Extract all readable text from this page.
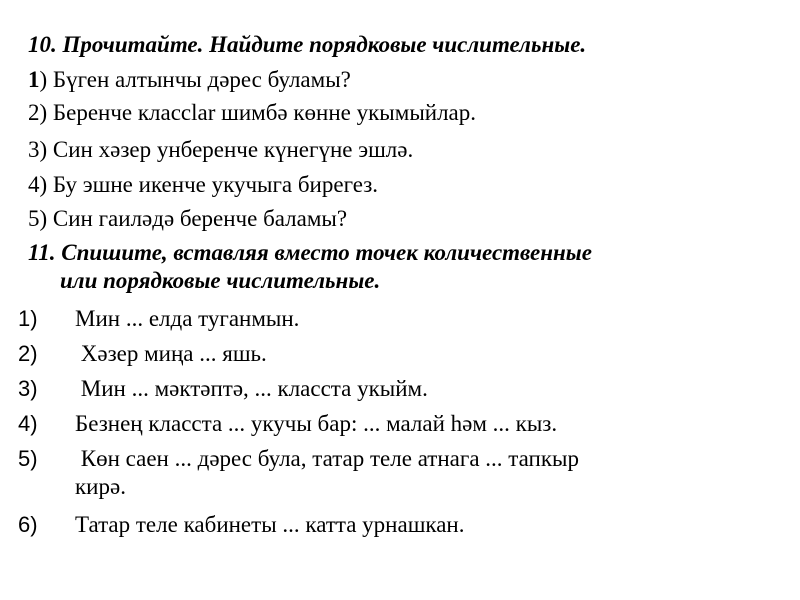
10. Прочитайте. Найдите порядковые числительные.
1) Бүген алтынчы дәрес буламы?
2) Беренче классlar шимбә көнне укымыйлар.
3) Син хәзер унберенче күнегүне эшлә.
4) Бу эшне икенче укучыга бирегез.
5) Син гаиләдә беренче баламы?
11. Спишите, вставляя вместо точек количественные
или порядковые числительные.
1) Мин ... елда туганмын.
2) Хәзер миңа ... яшь.
3) Мин ... мәктәптә, ... класста укыйм.
4) Безнең класста ... укучы бар: ... малай һәм ... кыз.
5) Көн саен ... дәрес була, татар теле атнага ... тапкыр
кирә.
6) Татар теле кабинеты ... катта урнашкан.
